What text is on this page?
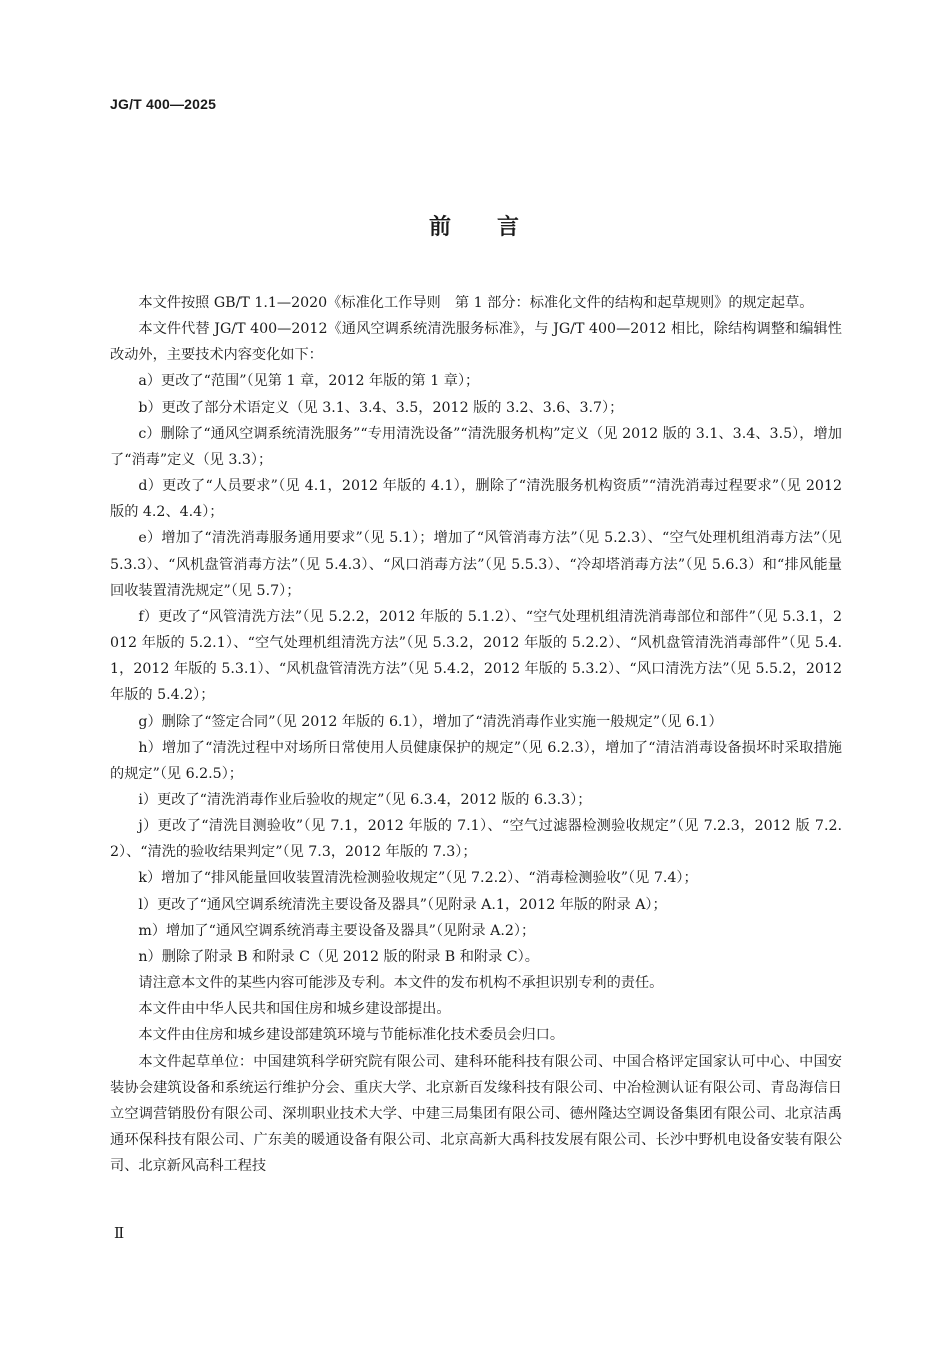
JG/T 400—2025
前 言

本文件按照 GB/T 1.1—2020《标准化工作导则　第 1 部分：标准化文件的结构和起草规则》的规定起草。

本文件代替 JG/T 400—2012《通风空调系统清洗服务标准》，与 JG/T 400—2012 相比，除结构调整和编辑性改动外，主要技术内容变化如下：

a）更改了“范围”（见第 1 章，2012 年版的第 1 章）；

b）更改了部分术语定义（见 3.1、3.4、3.5，2012 版的 3.2、3.6、3.7）；

c）删除了“通风空调系统清洗服务”“专用清洗设备”“清洗服务机构”定义（见 2012 版的 3.1、3.4、3.5），增加了“消毒”定义（见 3.3）；

d）更改了“人员要求”（见 4.1，2012 年版的 4.1），删除了“清洗服务机构资质”“清洗消毒过程要求”（见 2012 版的 4.2、4.4）；

e）增加了“清洗消毒服务通用要求”（见 5.1）；增加了“风管消毒方法”（见 5.2.3）、“空气处理机组消毒方法”（见 5.3.3）、“风机盘管消毒方法”（见 5.4.3）、“风口消毒方法”（见 5.5.3）、“冷却塔消毒方法”（见 5.6.3）和“排风能量回收装置清洗规定”（见 5.7）；

f）更改了“风管清洗方法”（见 5.2.2，2012 年版的 5.1.2）、“空气处理机组清洗消毒部位和部件”（见 5.3.1，2012 年版的 5.2.1）、“空气处理机组清洗方法”（见 5.3.2，2012 年版的 5.2.2）、“风机盘管清洗消毒部件”（见 5.4.1，2012 年版的 5.3.1）、“风机盘管清洗方法”（见 5.4.2，2012 年版的 5.3.2）、“风口清洗方法”（见 5.5.2，2012 年版的 5.4.2）；

g）删除了“签定合同”（见 2012 年版的 6.1），增加了“清洗消毒作业实施一般规定”（见 6.1）

h）增加了“清洗过程中对场所日常使用人员健康保护的规定”（见 6.2.3），增加了“清洁消毒设备损坏时采取措施的规定”（见 6.2.5）；

i）更改了“清洗消毒作业后验收的规定”（见 6.3.4，2012 版的 6.3.3）；

j）更改了“清洗目测验收”（见 7.1，2012 年版的 7.1）、“空气过滤器检测验收规定”（见 7.2.3，2012 版 7.2.2）、“清洗的验收结果判定”（见 7.3，2012 年版的 7.3）；

k）增加了“排风能量回收装置清洗检测验收规定”（见 7.2.2）、“消毒检测验收”（见 7.4）；

l）更改了“通风空调系统清洗主要设备及器具”（见附录 A.1，2012 年版的附录 A）；

m）增加了“通风空调系统消毒主要设备及器具”（见附录 A.2）；

n）删除了附录 B 和附录 C（见 2012 版的附录 B 和附录 C）。

请注意本文件的某些内容可能涉及专利。本文件的发布机构不承担识别专利的责任。

本文件由中华人民共和国住房和城乡建设部提出。

本文件由住房和城乡建设部建筑环境与节能标准化技术委员会归口。

本文件起草单位：中国建筑科学研究院有限公司、建科环能科技有限公司、中国合格评定国家认可中心、中国安装协会建筑设备和系统运行维护分会、重庆大学、北京新百发缘科技有限公司、中冶检测认证有限公司、青岛海信日立空调营销股份有限公司、深圳职业技术大学、中建三局集团有限公司、德州隆达空调设备集团有限公司、北京洁禹通环保科技有限公司、广东美的暖通设备有限公司、北京高新大禹科技发展有限公司、长沙中野机电设备安装有限公司、北京新风高科工程技

Ⅱ
